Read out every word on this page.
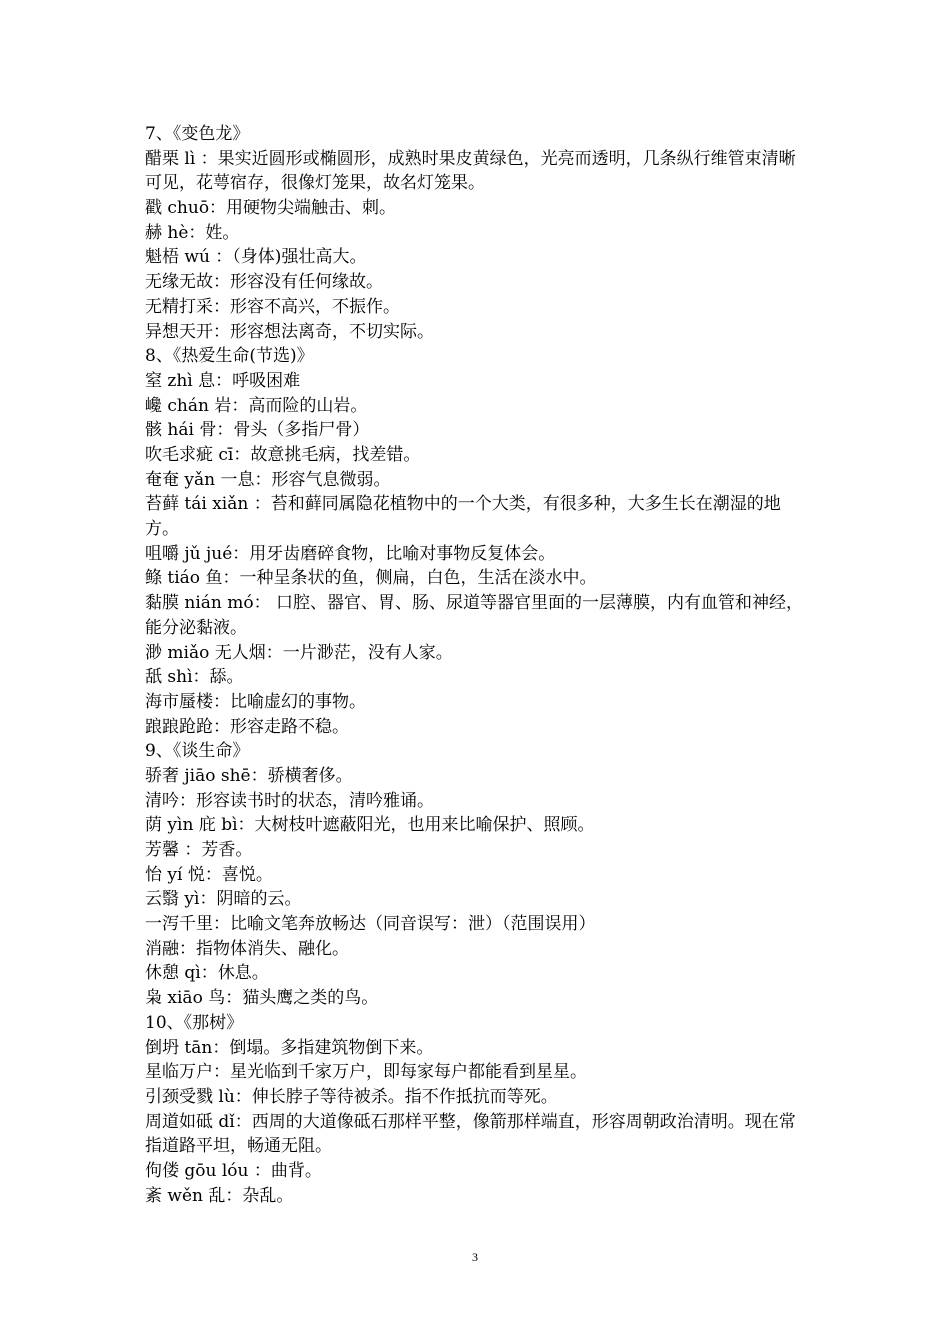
7、《变色龙》
醋栗 lì ：果实近圆形或椭圆形，成熟时果皮黄绿色，光亮而透明，几条纵行维管束清晰可见，花萼宿存，很像灯笼果，故名灯笼果。
戳 chuō：用硬物尖端触击、刺。
赫 hè：姓。
魁梧 wú ：（身体)强壮高大。
无缘无故：形容没有任何缘故。
无精打采：形容不高兴，不振作。
异想天开：形容想法离奇，不切实际。
8、《热爱生命(节选)》
窒 zhì 息：呼吸困难
巉 chán 岩：高而险的山岩。
骸 hái 骨：骨头（多指尸骨）
吹毛求疵 cī：故意挑毛病，找差错。
奄奄 yǎn 一息：形容气息微弱。
苔藓 tái xiǎn ：苔和藓同属隐花植物中的一个大类，有很多种，大多生长在潮湿的地方。
咀嚼 jǔ jué：用牙齿磨碎食物，比喻对事物反复体会。
鲦 tiáo 鱼：一种呈条状的鱼，侧扁，白色，生活在淡水中。
黏膜 nián mó： 口腔、器官、胃、肠、尿道等器官里面的一层薄膜，内有血管和神经，能分泌黏液。
渺 miǎo 无人烟：一片渺茫，没有人家。
舐 shì：舔。
海市蜃楼：比喻虚幻的事物。
踉踉跄跄：形容走路不稳。
9、《谈生命》
骄奢 jiāo shē：骄横奢侈。
清吟：形容读书时的状态，清吟雅诵。
荫 yìn 庇 bì：大树枝叶遮蔽阳光，也用来比喻保护、照顾。
芳馨 ：芳香。
怡 yí 悦：喜悦。
云翳 yì：阴暗的云。
一泻千里：比喻文笔奔放畅达（同音误写：泄）（范围误用）
消融：指物体消失、融化。
休憩 qì：休息。
枭 xiāo 鸟：猫头鹰之类的鸟。
10、《那树》
倒坍 tān：倒塌。多指建筑物倒下来。
星临万户：星光临到千家万户，即每家每户都能看到星星。
引颈受戮 lù：伸长脖子等待被杀。指不作抵抗而等死。
周道如砥 dǐ：西周的大道像砥石那样平整，像箭那样端直，形容周朝政治清明。现在常指道路平坦，畅通无阻。
佝偻 gōu lóu ：曲背。
紊 wěn 乱：杂乱。
3
